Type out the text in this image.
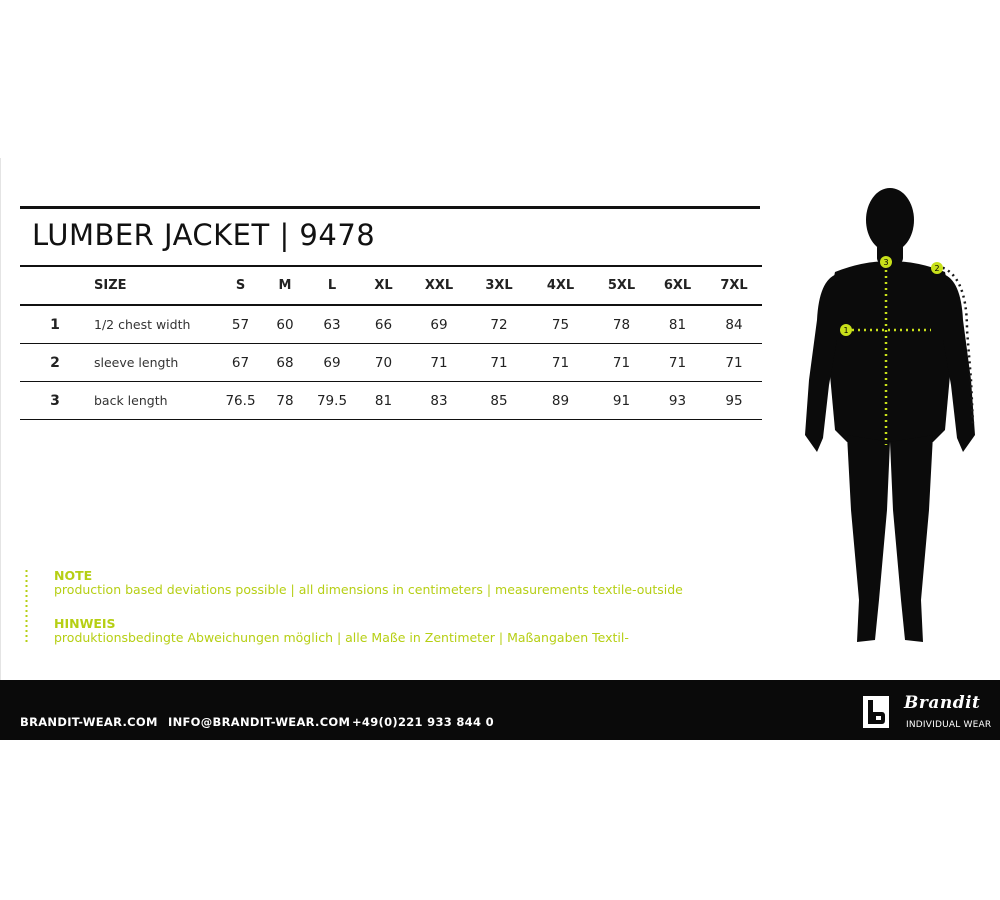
LUMBER JACKET | 9478
	SIZE	S	M	L	XL	XXL	3XL	4XL	5XL	6XL	7XL
1	1/2 chest width	57	60	63	66	69	72	75	78	81	84
2	sleeve length	67	68	69	70	71	71	71	71	71	71
3	back length	76.5	78	79.5	81	83	85	89	91	93	95
NOTE
production based deviations possible | all dimensions in centimeters | measurements textile-outside
HINWEIS
produktionsbedingte Abweichungen möglich | alle Maße in Zentimeter | Maßangaben Textil-
1
2
3
BRANDIT-WEAR.COM INFO@BRANDIT-WEAR.COM +49(0)221 933 844 0
Brandit
INDIVIDUAL WEAR
